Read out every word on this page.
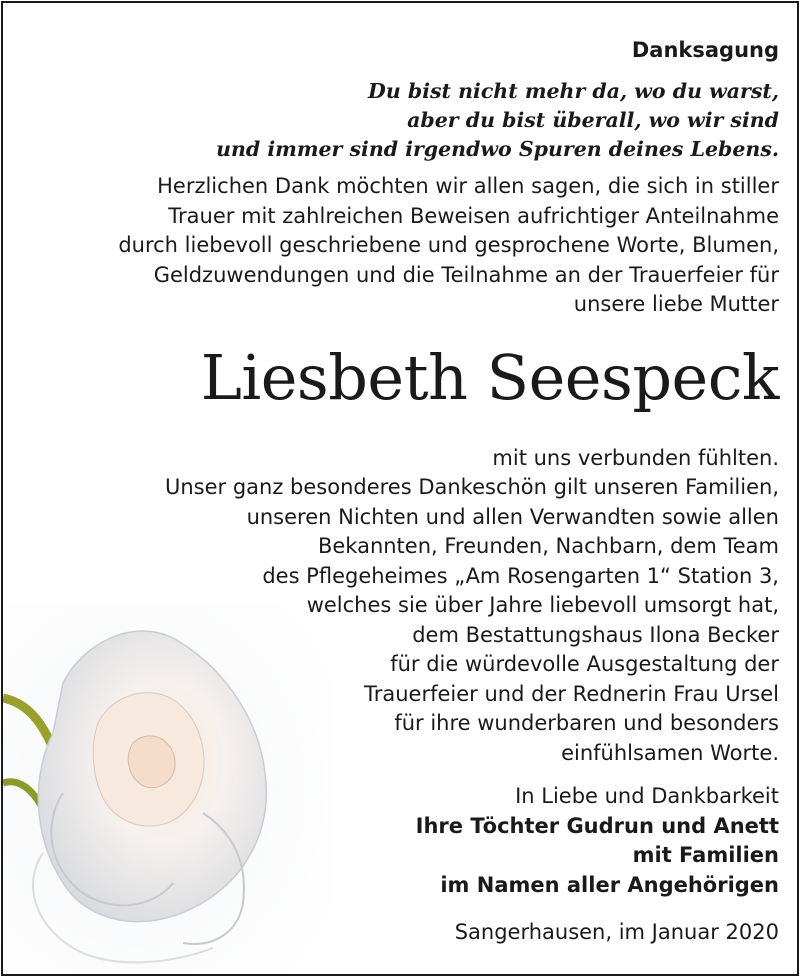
Danksagung
Du bist nicht mehr da, wo du warst,
aber du bist überall, wo wir sind
und immer sind irgendwo Spuren deines Lebens.
Herzlichen Dank möchten wir allen sagen, die sich in stiller
Trauer mit zahlreichen Beweisen aufrichtiger Anteilnahme
durch liebevoll geschriebene und gesprochene Worte, Blumen,
Geldzuwendungen und die Teilnahme an der Trauerfeier für
unsere liebe Mutter
Liesbeth Seespeck
mit uns verbunden fühlten.
Unser ganz besonderes Dankeschön gilt unseren Familien,
unseren Nichten und allen Verwandten sowie allen
Bekannten, Freunden, Nachbarn, dem Team
des Pflegeheimes „Am Rosengarten 1“ Station 3,
welches sie über Jahre liebevoll umsorgt hat,
dem Bestattungshaus Ilona Becker
für die würdevolle Ausgestaltung der
Trauerfeier und der Rednerin Frau Ursel
für ihre wunderbaren und besonders
einfühlsamen Worte.
In Liebe und Dankbarkeit
Ihre Töchter Gudrun und Anett
mit Familien
im Namen aller Angehörigen
Sangerhausen, im Januar 2020
